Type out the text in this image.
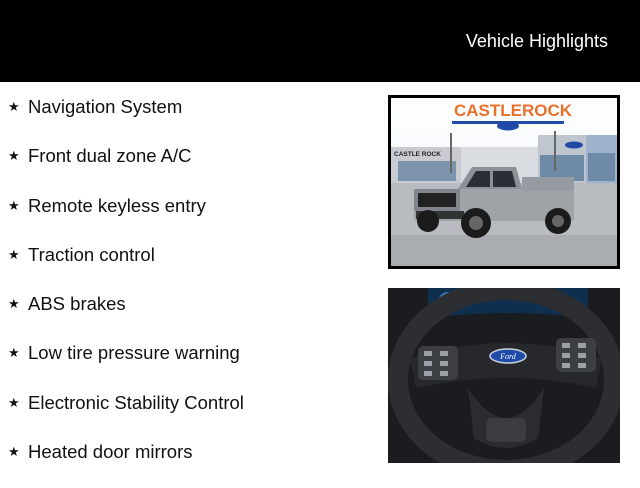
Vehicle Highlights
★ Navigation System
★ Front dual zone A/C
★ Remote keyless entry
★ Traction control
★ ABS brakes
★ Low tire pressure warning
★ Electronic Stability Control
★ Heated door mirrors
CASTLEROCK
CASTLE ROCK
0
Ford
